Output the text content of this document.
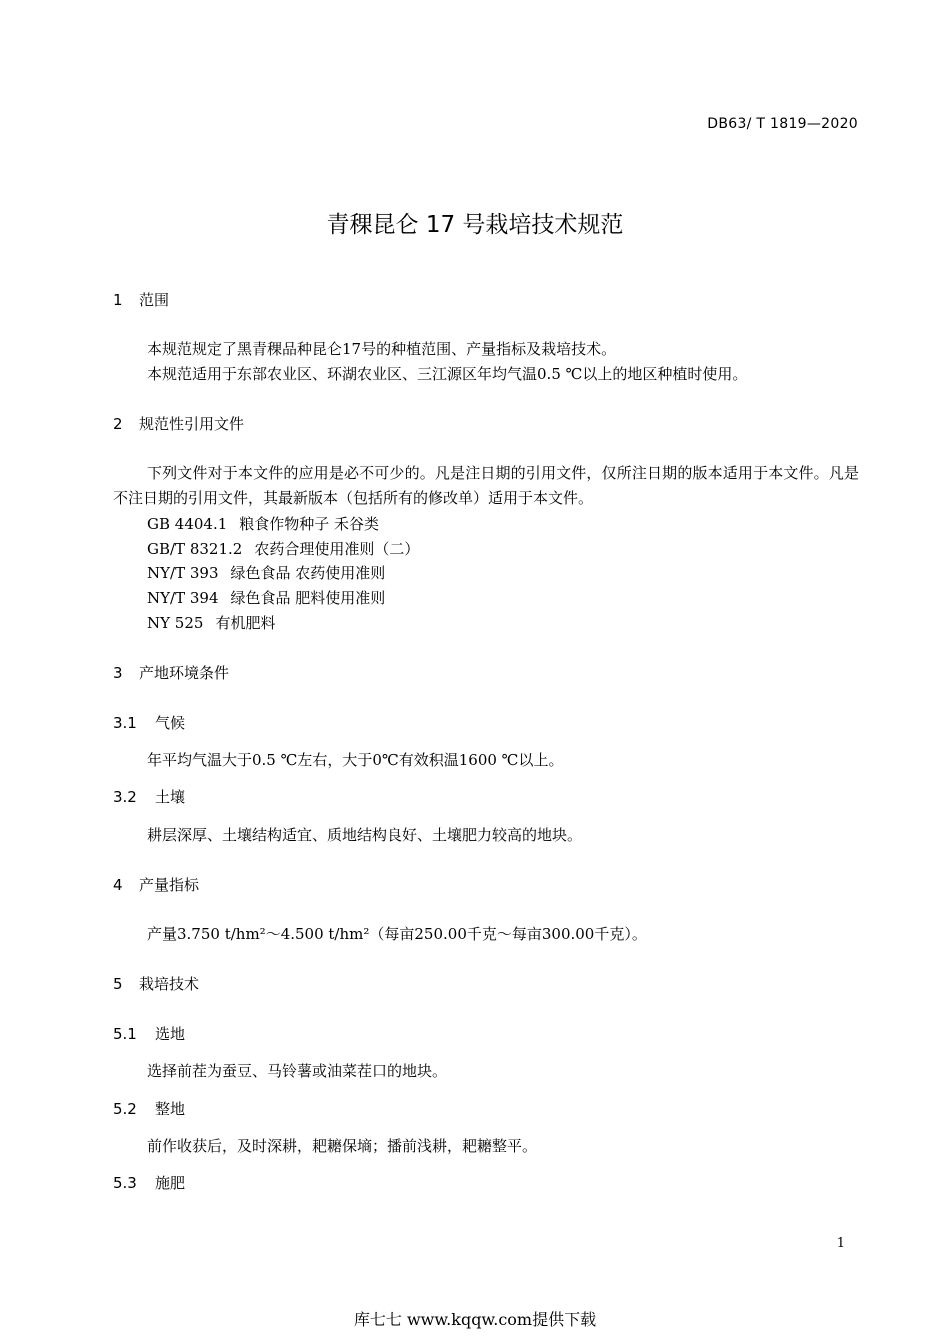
DB63/ T 1819—2020
青稞昆仑 17 号栽培技术规范
1 范围
本规范规定了黑青稞品种昆仑17号的种植范围、产量指标及栽培技术。
本规范适用于东部农业区、环湖农业区、三江源区年均气温0.5 ℃以上的地区种植时使用。
2 规范性引用文件
下列文件对于本文件的应用是必不可少的。凡是注日期的引用文件，仅所注日期的版本适用于本文件。凡是不注日期的引用文件，其最新版本（包括所有的修改单）适用于本文件。
GB 4404.1 粮食作物种子 禾谷类
GB/T 8321.2 农药合理使用准则（二）
NY/T 393 绿色食品 农药使用准则
NY/T 394 绿色食品 肥料使用准则
NY 525 有机肥料
3 产地环境条件
3.1 气候
年平均气温大于0.5 ℃左右，大于0℃有效积温1600 ℃以上。
3.2 土壤
耕层深厚、土壤结构适宜、质地结构良好、土壤肥力较高的地块。
4 产量指标
产量3.750 t/hm²～4.500 t/hm²（每亩250.00千克～每亩300.00千克）。
5 栽培技术
5.1 选地
选择前茬为蚕豆、马铃薯或油菜茬口的地块。
5.2 整地
前作收获后，及时深耕，耙耱保墒；播前浅耕，耙耱整平。
5.3 施肥
1
库七七 www.kqqw.com提供下载
